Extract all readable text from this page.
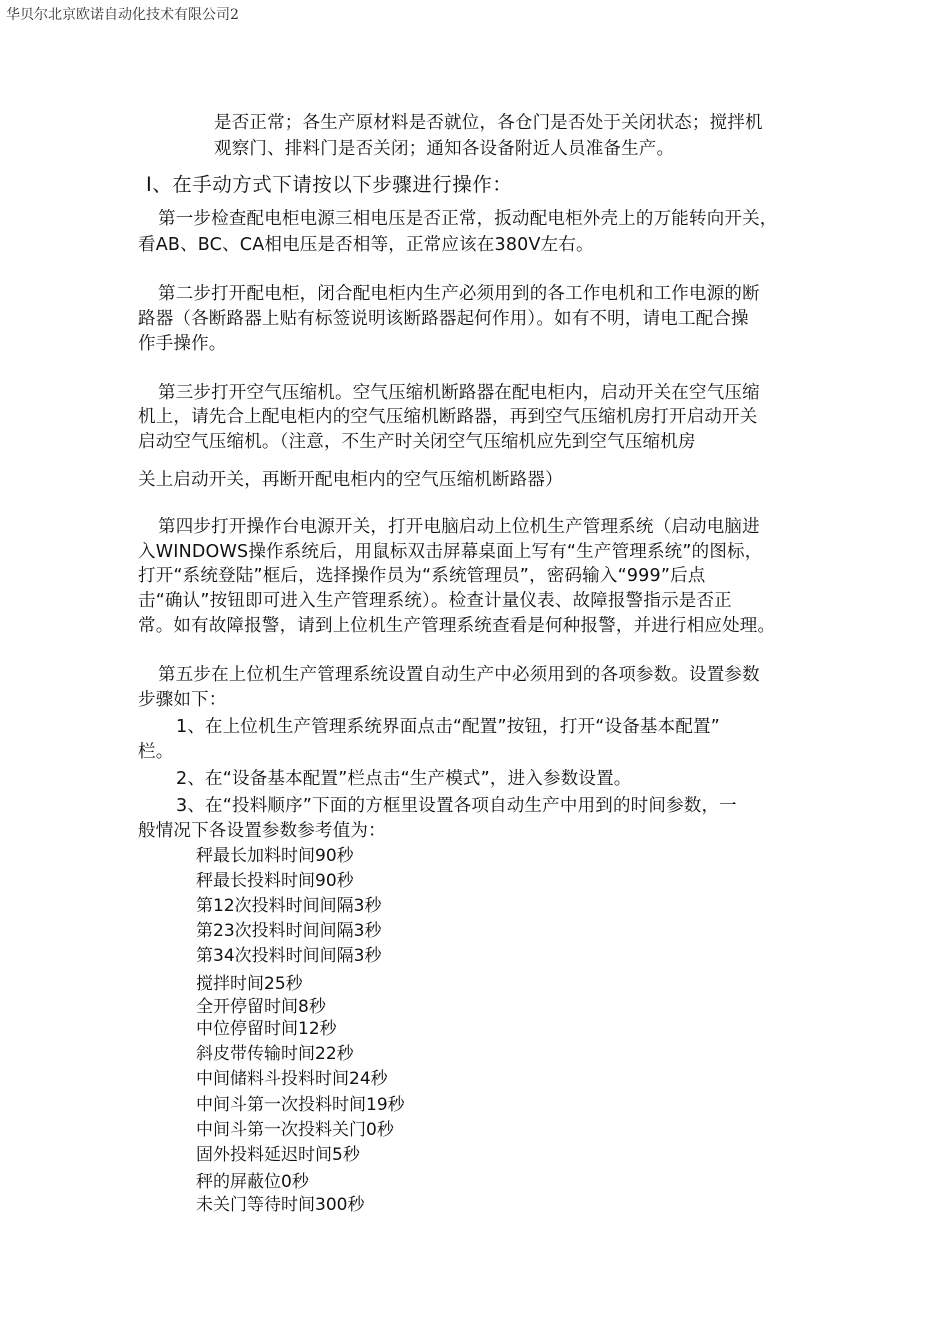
华贝尔北京欧诺自动化技术有限公司2
是否正常；各生产原材料是否就位，各仓门是否处于关闭状态；搅拌机
观察门、排料门是否关闭；通知各设备附近人员准备生产。
Ⅰ、在手动方式下请按以下步骤进行操作：
第一步检查配电柜电源三相电压是否正常，扳动配电柜外壳上的万能转向开关，
看AB、BC、CA相电压是否相等，正常应该在380V左右。
第二步打开配电柜，闭合配电柜内生产必须用到的各工作电机和工作电源的断
路器（各断路器上贴有标签说明该断路器起何作用）。如有不明，请电工配合操
作手操作。
第三步打开空气压缩机。空气压缩机断路器在配电柜内，启动开关在空气压缩
机上，请先合上配电柜内的空气压缩机断路器，再到空气压缩机房打开启动开关
启动空气压缩机。（注意，不生产时关闭空气压缩机应先到空气压缩机房
关上启动开关，再断开配电柜内的空气压缩机断路器）
第四步打开操作台电源开关，打开电脑启动上位机生产管理系统（启动电脑进
入WINDOWS操作系统后，用鼠标双击屏幕桌面上写有“生产管理系统”的图标，
打开“系统登陆”框后，选择操作员为“系统管理员”，密码输入“999”后点
击“确认”按钮即可进入生产管理系统）。检查计量仪表、故障报警指示是否正
常。如有故障报警，请到上位机生产管理系统查看是何种报警，并进行相应处理。
第五步在上位机生产管理系统设置自动生产中必须用到的各项参数。设置参数
步骤如下：
1、在上位机生产管理系统界面点击“配置”按钮，打开“设备基本配置”
栏。
2、在“设备基本配置”栏点击“生产模式”，进入参数设置。
3、在“投料顺序”下面的方框里设置各项自动生产中用到的时间参数，一
般情况下各设置参数参考值为：
秤最长加料时间90秒
秤最长投料时间90秒
第12次投料时间间隔3秒
第23次投料时间间隔3秒
第34次投料时间间隔3秒
搅拌时间25秒
全开停留时间8秒
中位停留时间12秒
斜皮带传输时间22秒
中间储料斗投料时间24秒
中间斗第一次投料时间19秒
中间斗第一次投料关门0秒
固外投料延迟时间5秒
秤的屏蔽位0秒
未关门等待时间300秒
